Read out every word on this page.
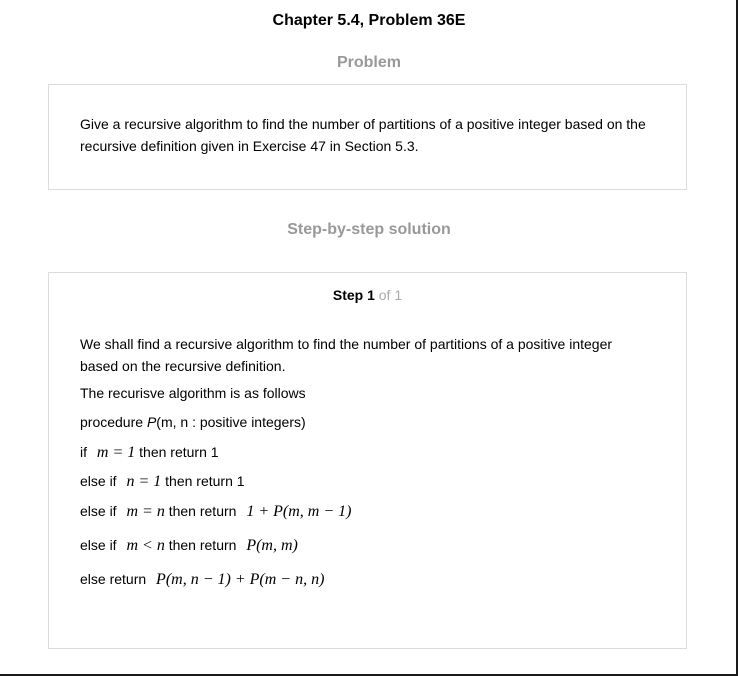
Chapter 5.4, Problem 36E
Problem
Give a recursive algorithm to find the number of partitions of a positive integer based on the recursive definition given in Exercise 47 in Section 5.3.
Step-by-step solution
Step 1 of 1

We shall find a recursive algorithm to find the number of partitions of a positive integer based on the recursive definition.

The recurisve algorithm is as follows
procedure P(m, n : positive integers)
if m = 1 then return 1
else if n = 1 then return 1
else if m = n then return 1 + P(m, m − 1)
else if m < n then return P(m, m)
else return P(m, n − 1) + P(m − n, n)
